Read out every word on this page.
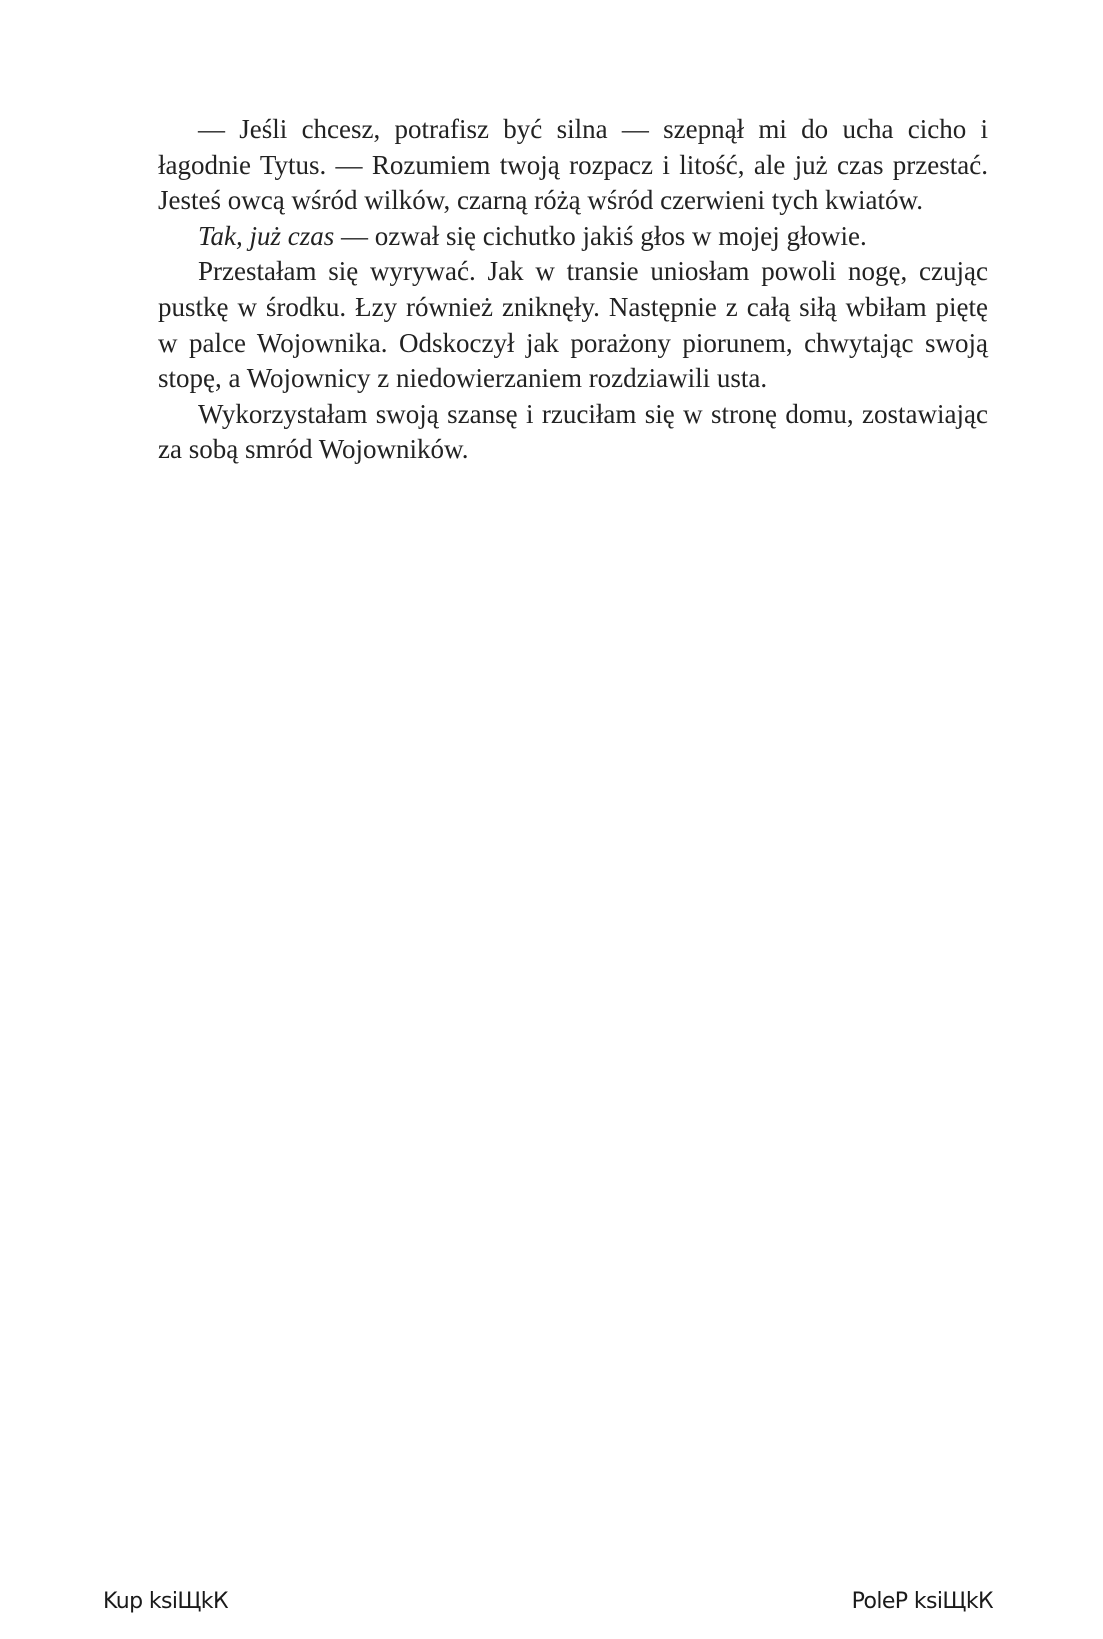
— Jeśli chcesz, potrafisz być silna — szepnął mi do ucha cicho i łagodnie Tytus. — Rozumiem twoją rozpacz i litość, ale już czas przestać. Jesteś owcą wśród wilków, czarną różą wśród czerwieni tych kwiatów.

Tak, już czas — ozwał się cichutko jakiś głos w mojej głowie.

Przestałam się wyrywać. Jak w transie uniosłam powoli nogę, czując pustkę w środku. Łzy również zniknęły. Następnie z całą siłą wbiłam piętę w palce Wojownika. Odskoczył jak porażony piorunem, chwytając swoją stopę, a Wojownicy z niedowierzaniem rozdziawili usta.

Wykorzystałam swoją szansę i rzuciłam się w stronę domu, zostawiając za sobą smród Wojowników.

Kup ksiЩkК	PoleР ksiЩkК
